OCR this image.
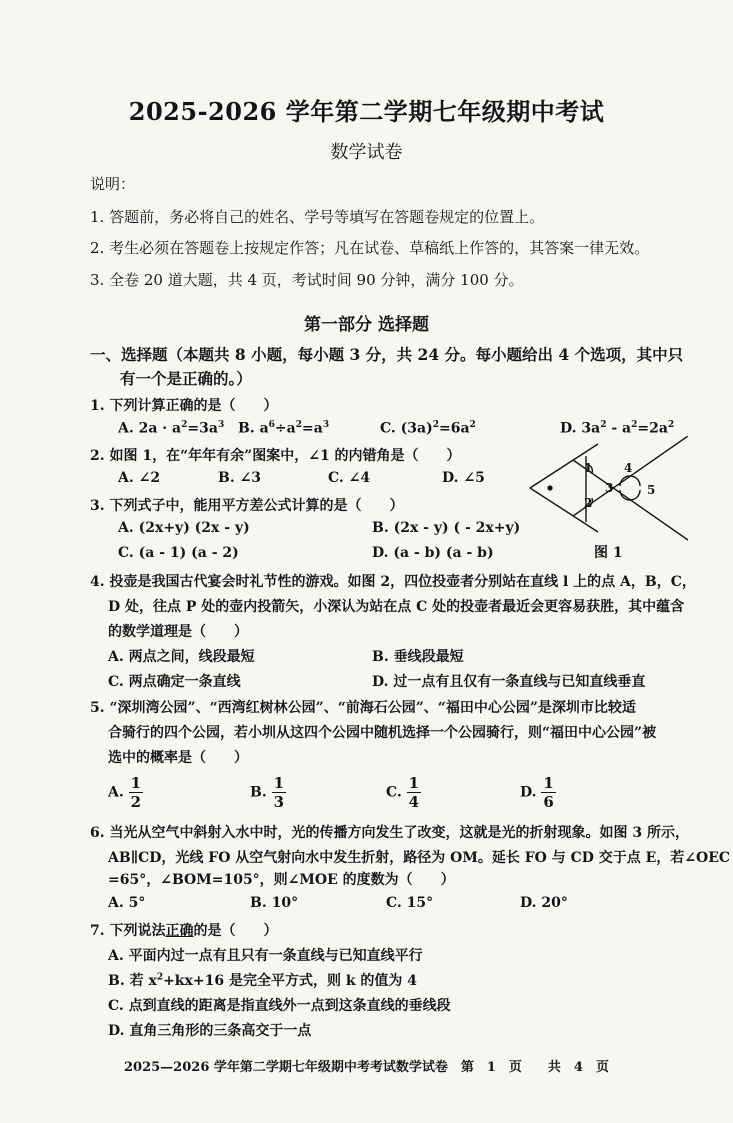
2025-2026 学年第二学期七年级期中考试
数学试卷
说明：
1. 答题前，务必将自己的姓名、学号等填写在答题卷规定的位置上。
2. 考生必须在答题卷上按规定作答；凡在试卷、草稿纸上作答的，其答案一律无效。
3. 全卷 20 道大题，共 4 页，考试时间 90 分钟，满分 100 分。
第一部分 选择题
一、选择题（本题共 8 小题，每小题 3 分，共 24 分。每小题给出 4 个选项，其中只
有一个是正确的。）
1. 下列计算正确的是（　　）
A. $2a \cdot a^2=3a^3$ B. $a^6\div a^2=a^3$	C. $(3a)^2=6a^2$	D. $3a^2 - a^2=2a^2$
2. 如图 1，在“年年有余”图案中，∠1 的内错角是（　　）
A. ∠2	B. ∠3	C. ∠4	D. ∠5
1
2
3
4
5
图 1
3. 下列式子中，能用平方差公式计算的是（　　）
A. (2x+y) (2x - y)	B. (2x - y) ( - 2x+y)
C. (a - 1) (a - 2)	D. (a - b) (a - b)
4. 投壶是我国古代宴会时礼节性的游戏。如图 2，四位投壶者分别站在直线 l 上的点 A，B，C，
D 处，往点 P 处的壶内投箭矢，小深认为站在点 C 处的投壶者最近会更容易获胜，其中蕴含
的数学道理是（　　）
A. 两点之间，线段最短	B. 垂线段最短
C. 两点确定一条直线	D. 过一点有且仅有一条直线与已知直线垂直
5. “深圳湾公园”、“西湾红树林公园”、“前海石公园”、“福田中心公园”是深圳市比较适
合骑行的四个公园，若小圳从这四个公园中随机选择一个公园骑行，则“福田中心公园”被
选中的概率是（　　）
A. $\frac{1}{2}$	B. $\frac{1}{3}$	C. $\frac{1}{4}$	D. $\frac{1}{6}$
6. 当光从空气中斜射入水中时，光的传播方向发生了改变，这就是光的折射现象。如图 3 所示，
AB∥CD，光线 FO 从空气射向水中发生折射，路径为 OM。延长 FO 与 CD 交于点 E，若∠OEC
=65°，∠BOM=105°，则∠MOE 的度数为（　　）
A. 5°	B. 10°	C. 15°	D. 20°
7. 下列说法正确的是（　　）
A. 平面内过一点有且只有一条直线与已知直线平行
B. 若 $x^2+kx+16$ 是完全平方式，则 k 的值为 4
C. 点到直线的距离是指直线外一点到这条直线的垂线段
D. 直角三角形的三条高交于一点
2025—2026 学年第二学期七年级期中考考试数学试卷　第　1　页　　共　4　页
